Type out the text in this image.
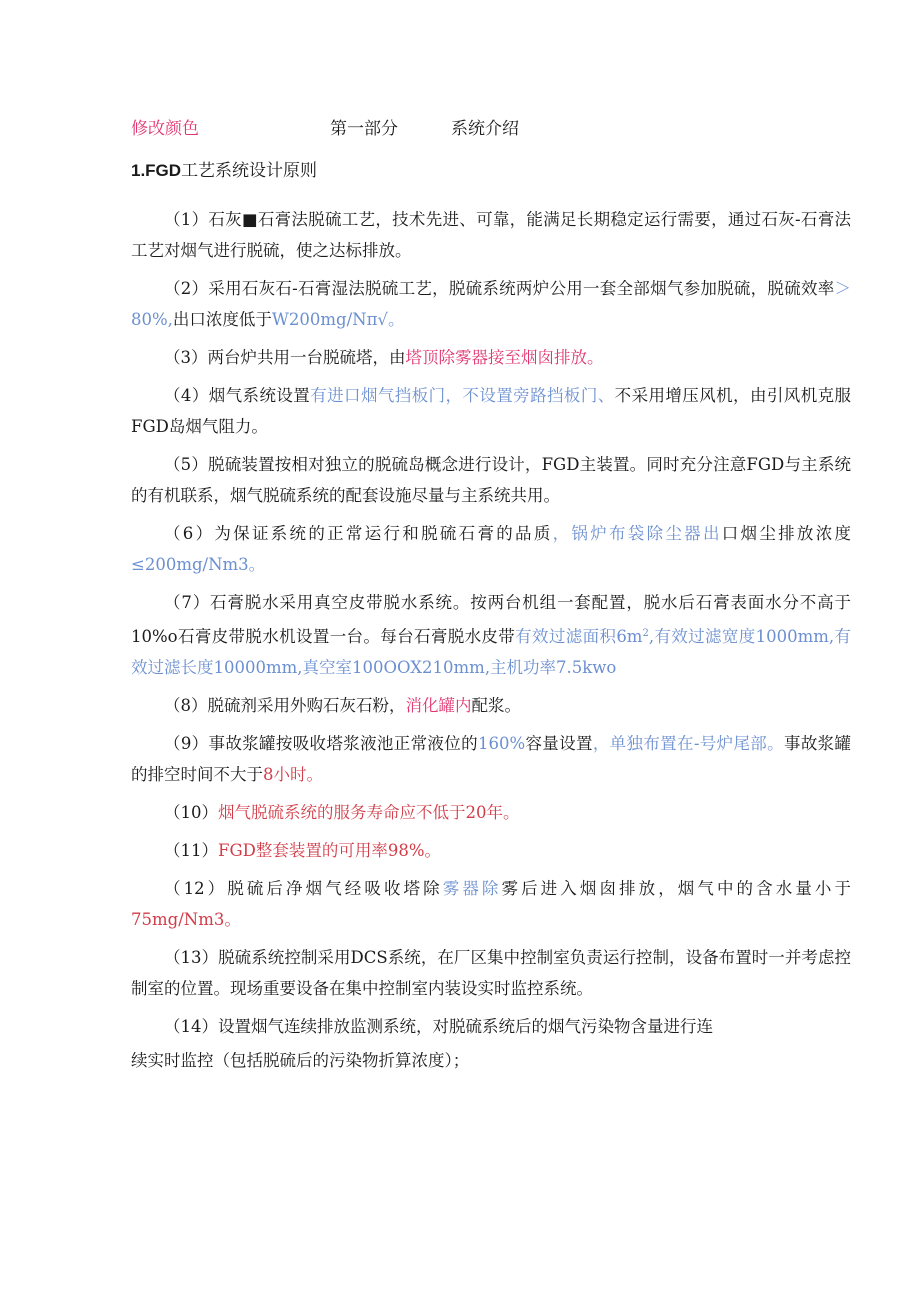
修改颜色	第一部分	系统介绍
1.FGD工艺系统设计原则

（1）石灰■石膏法脱硫工艺，技术先进、可靠，能满足长期稳定运行需要，通过石灰-石膏法工艺对烟气进行脱硫，使之达标排放。

（2）采用石灰石-石膏湿法脱硫工艺，脱硫系统两炉公用一套全部烟气参加脱硫，脱硫效率＞80%,出口浓度低于W200mg/Nπ√。

（3）两台炉共用一台脱硫塔，由塔顶除雾器接至烟囱排放。

（4）烟气系统设置有进口烟气挡板门，不设置旁路挡板门、不采用增压风机，由引风机克服FGD岛烟气阻力。

（5）脱硫装置按相对独立的脱硫岛概念进行设计，FGD主装置。同时充分注意FGD与主系统的有机联系，烟气脱硫系统的配套设施尽量与主系统共用。

（6）为保证系统的正常运行和脱硫石膏的品质，锅炉布袋除尘器出口烟尘排放浓度≤200mg/Nm3。

（7）石膏脱水采用真空皮带脱水系统。按两台机组一套配置，脱水后石膏表面水分不高于10%o石膏皮带脱水机设置一台。每台石膏脱水皮带有效过滤面积$6m^2$,有效过滤宽度1000mm,有效过滤长度10000mm,真空室100OOX210mm,主机功率7.5kwo

（8）脱硫剂采用外购石灰石粉，消化罐内配浆。

（9）事故浆罐按吸收塔浆液池正常液位的160%容量设置，单独布置在-号炉尾部。事故浆罐的排空时间不大于8小时。

（10）烟气脱硫系统的服务寿命应不低于20年。

（11）FGD整套装置的可用率98%。

（12）脱硫后净烟气经吸收塔除雾器除雾后进入烟囱排放，烟气中的含水量小于75mg/Nm3。

（13）脱硫系统控制采用DCS系统，在厂区集中控制室负责运行控制，设备布置时一并考虑控制室的位置。现场重要设备在集中控制室内装设实时监控系统。

（14）设置烟气连续排放监测系统，对脱硫系统后的烟气污染物含量进行连

续实时监控（包括脱硫后的污染物折算浓度）；
